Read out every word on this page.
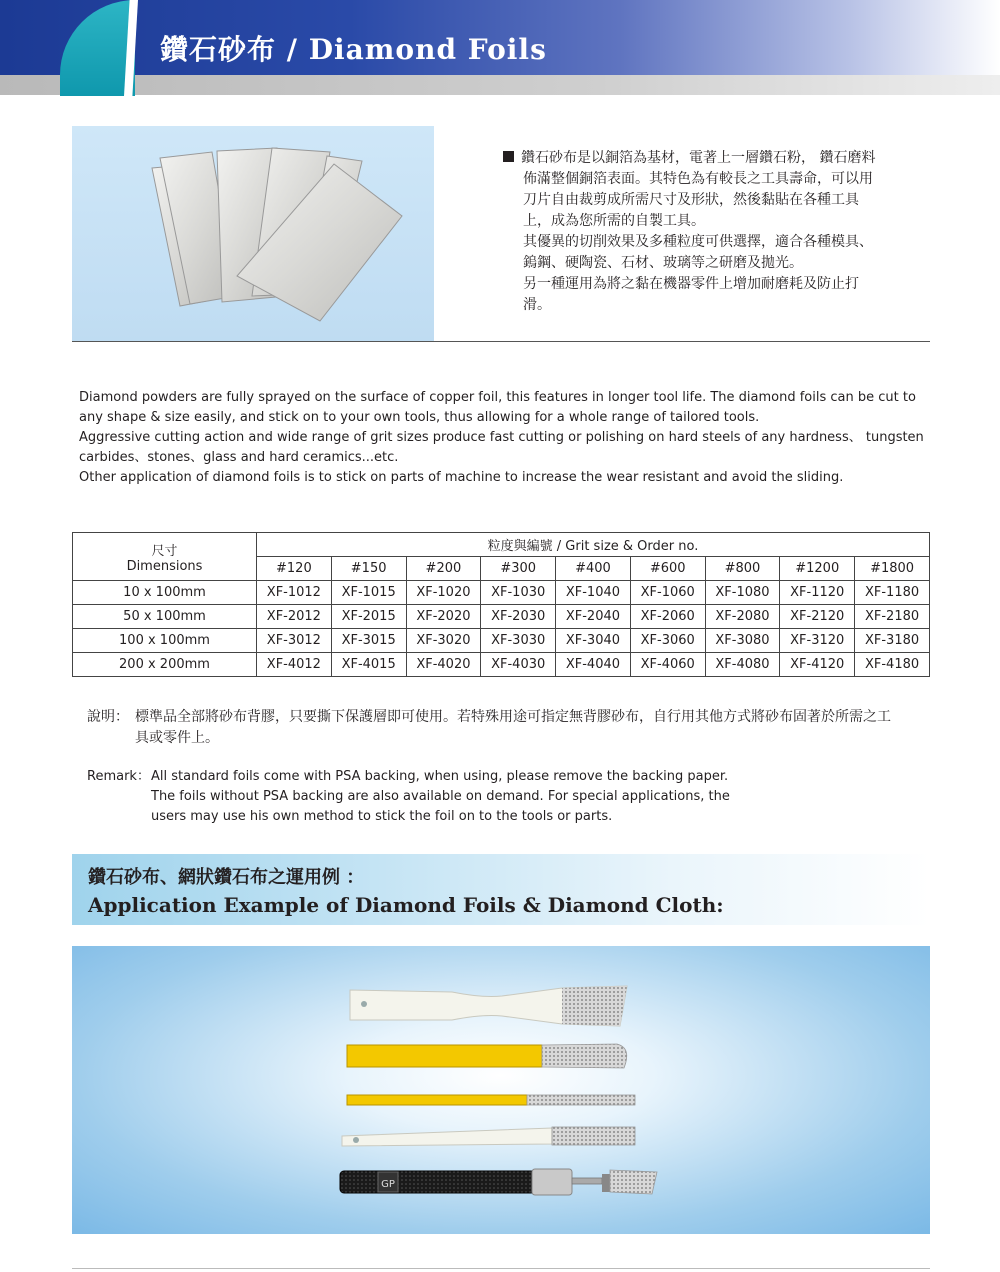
鑽石砂布 / Diamond Foils

鑽石砂布是以銅箔為基材，電著上一層鑽石粉， 鑽石磨料佈滿整個銅箔表面。其特色為有較長之工具壽命，可以用刀片自由裁剪成所需尺寸及形狀，然後黏貼在各種工具上，成為您所需的自製工具。

其優異的切削效果及多種粒度可供選擇，適合各種模具、鎢鋼、硬陶瓷、石材、玻璃等之研磨及拋光。

另一種運用為將之黏在機器零件上增加耐磨耗及防止打滑。

Diamond powders are fully sprayed on the surface of copper foil, this features in longer tool life. The diamond foils can be cut to any shape & size easily, and stick on to your own tools, thus allowing for a whole range of tailored tools.

Aggressive cutting action and wide range of grit sizes produce fast cutting or polishing on hard steels of any hardness、 tungsten carbides、stones、glass and hard ceramics...etc.

Other application of diamond foils is to stick on parts of machine to increase the wear resistant and avoid the sliding.

尺寸
Dimensions	粒度與編號 / Grit size & Order no.								
	#120	#150	#200	#300	#400	#600	#800	#1200	#1800
10 x 100mm	XF-1012	XF-1015	XF-1020	XF-1030	XF-1040	XF-1060	XF-1080	XF-1120	XF-1180
50 x 100mm	XF-2012	XF-2015	XF-2020	XF-2030	XF-2040	XF-2060	XF-2080	XF-2120	XF-2180
100 x 100mm	XF-3012	XF-3015	XF-3020	XF-3030	XF-3040	XF-3060	XF-3080	XF-3120	XF-3180
200 x 200mm	XF-4012	XF-4015	XF-4020	XF-4030	XF-4040	XF-4060	XF-4080	XF-4120	XF-4180
說明： 標準品全部將砂布背膠，只要撕下保護層即可使用。若特殊用途可指定無背膠砂布，自行用其他方式將砂布固著於所需之工具或零件上。
Remark： All standard foils come with PSA backing, when using, please remove the backing paper. The foils without PSA backing are also available on demand. For special applications, the users may use his own method to stick the foil on to the tools or parts.
鑽石砂布、網狀鑽石布之運用例 ：
Application Example of Diamond Foils & Diamond Cloth:
GP
